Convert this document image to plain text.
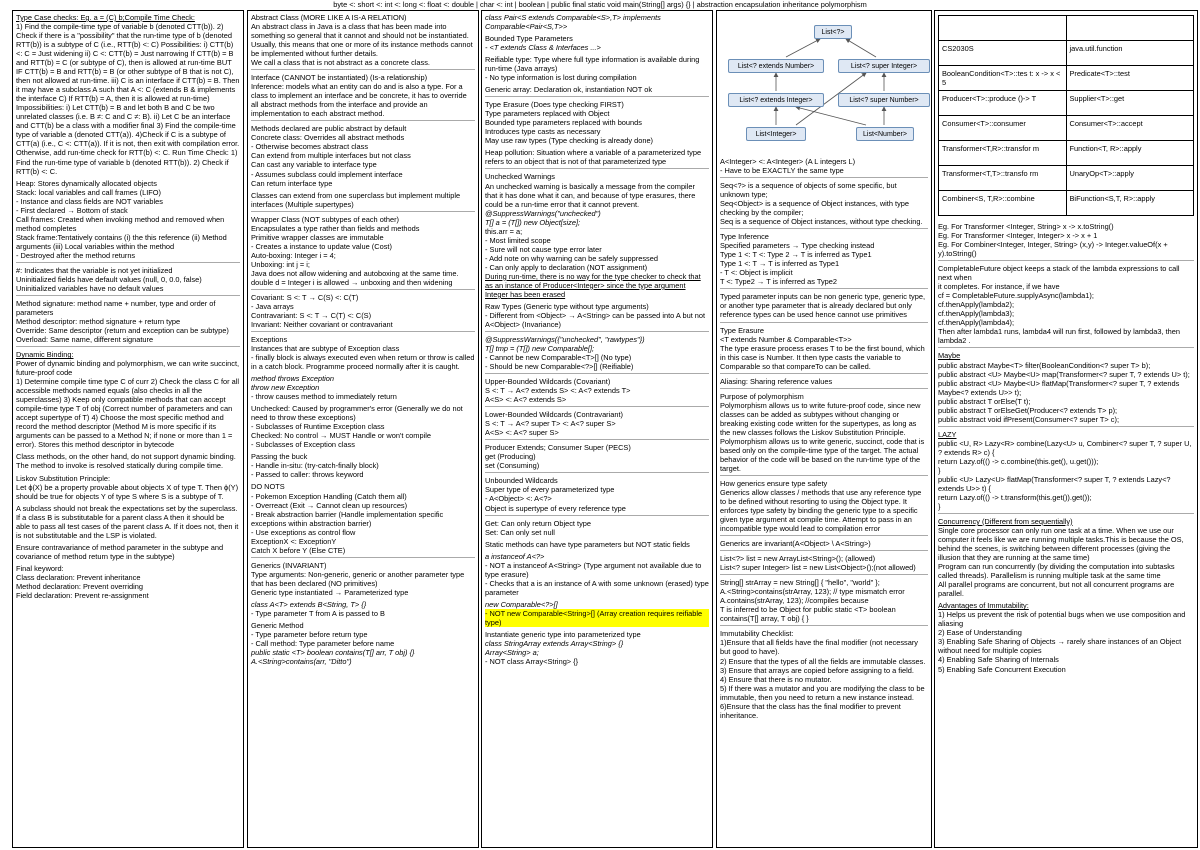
byte <: short <: int <: long <: float <: double | char <: int | boolean | public final static void main(String[] args) {} | abstraction encapsulation inheritance polymorphism
Type Case checks: Eg. a = (C) b;Compile Time Check:
1) Find the compile-time type of variable b (denoted CTT(b)). 2) Check if there is a "possibility" that the run-time type of b (denoted RTT(b)) is a subtype of C (i.e., RTT(b) <: C) Possibilities: i) CTT(b) <: C = Just widening ii) C <: CTT(b) = Just narrowing If CTT(b) = B and RTT(b) = C (or subtype of C), then is allowed at run-time BUT IF CTT(b) = B and RTT(b) = B (or other subtype of B that is not C), then not allowed at run-time. iii) C is an interface if CTT(b) = B. Then it may have a subclass A such that A <: C (extends B & implements the interface C) If RTT(b) = A, then it is allowed at run-time) Impossibilities: i) Let CTT(b) = B and let both B and C be two unrelated classes (i.e. B ≠: C and C ≠: B). ii) Let C be an interface and CTT(b) be a class with a modifier final 3) Find the compile-time type of variable a (denoted CTT(a)). 4)Check if C is a subtype of CTT(a) (i.e., C <: CTT(a)). If it is not, then exit with compilation error. Otherwise, add run-time check for RTT(b) <: C. Run Time Check: 1) Find the run-time type of variable b (denoted RTT(b)). 2) Check if RTT(b) <: C.
Heap: Stores dynamically allocated objects
Stack: local variables and call frames (LIFO)
- Instance and class fields are NOT variables
- First declared → Bottom of stack
Call frames: Created when invoking method and removed when method completes
Stack frame:Tentatively contains (i) the this reference (ii) Method arguments (iii) Local variables within the method
- Destroyed after the method returns
#: Indicates that the variable is not yet initialized
Uninitialized fields have default values (null, 0, 0.0, false)
Uninitialized variables have no default values
Method signature: method name + number, type and order of parameters
Method descriptor: method signature + return type
Override: Same descriptor (return and exception can be subtype)
Overload: Same name, different signature
Dynamic Binding:
Power of dynamic binding and polymorphism, we can write succinct, future-proof code
1) Determine compile time type C of curr 2) Check the class C for all accessible methods named equals (also checks in all the superclasses) 3) Keep only compatible methods that can accept compile-time type T of obj (Correct number of parameters and can accept supertype of T) 4) Choose the most specific method and record the method descriptor (Method M is more specific if its arguments can be passed to a Method N; if none or more than 1 = error). Stores this method descriptor in bytecode
Class methods, on the other hand, do not support dynamic binding. The method to invoke is resolved statically during compile time.
Liskov Substitution Principle:
Let ϕ(X) be a property provable about objects X of type T. Then ϕ(Y) should be true for objects Y of type S where S is a subtype of T.
A subclass should not break the expectations set by the superclass. If a class B is substitutable for a parent class A then it should be able to pass all test cases of the parent class A. If it does not, then it is not substitutable and the LSP is violated.
Ensure contravariance of method parameter in the subtype and covariance of method return type in the subtype)
Final keyword:
Class declaration: Prevent inheritance
Method declaration: Prevent overriding
Field declaration: Prevent re-assignment
Abstract Class (MORE LIKE A IS-A RELATION)
An abstract class in Java is a class that has been made into something so general that it cannot and should not be instantiated. Usually, this means that one or more of its instance methods cannot be implemented without further details.
We call a class that is not abstract as a concrete class.
Interface (CANNOT be instantiated) (Is-a relationship)
Inference: models what an entity can do and is also a type. For a class to implement an interface and be concrete, it has to override all abstract methods from the interface and provide an implementation to each abstract method.
Methods declared are public abstract by default
Concrete class: Overrides all abstract methods
- Otherwise becomes abstract class
Can extend from multiple interfaces but not class
Can cast any variable to interface type
- Assumes subclass could implement interface
Can return interface type
Classes can extend from one superclass but implement multiple interfaces (Multiple supertypes)
Wrapper Class (NOT subtypes of each other)
Encapsulates a type rather than fields and methods
Primitive wrapper classes are immutable
- Creates a instance to update value (Cost)
Auto-boxing: Integer i = 4;
Unboxing: int j = i;
Java does not allow widening and autoboxing at the same time.
double d = Integer i is allowed → unboxing and then widening
Covariant: S <: T → C(S) <: C(T)
- Java arrays
Contravariant: S <: T → C(T) <: C(S)
Invariant: Neither covariant or contravariant
Exceptions
Instances that are subtype of Exception class
- finally block is always executed even when return or throw is called in a catch block. Programme proceed normally after it is caught.
method throws Exception
throw new Exception
- throw causes method to immediately return
Unchecked: Caused by programmer's error (Generally we do not need to throw these exceptions)
- Subclasses of Runtime Exception class
Checked: No control → MUST Handle or won't compile
- Subclasses of Exception class
Passing the buck
- Handle in-situ: (try-catch-finally block)
- Passed to caller: throws keyword
DO NOTS
- Pokemon Exception Handling (Catch them all)
- Overreact (Exit → Cannot clean up resources)
- Break abstraction barrier (Handle implementation specific exceptions within abstraction barrier)
- Use exceptions as control flow
ExceptionX <: ExceptionY
Catch X before Y (Else CTE)
Generics (INVARIANT)
Type arguments: Non-generic, generic or another parameter type that has been declared (NO primitives)
Generic type instantiated → Parameterized type
class A<T> extends B<String, T> {}
- Type parameter T from A is passed to B
Generic Method
- Type parameter before return type
- Call method: Type parameter before name
public static <T> boolean contains(T[] arr, T obj) {}
A.<String>contains(arr, "Ditto")
class Pair<S extends Comparable<S>,T> implements Comparable<Pair<S,T>>
Bounded Type Parameters
- <T extends Class & Interfaces ...>
Reifiable type: Type where full type information is available during run-time (Java arrays)
- No type information is lost during compilation
Generic array: Declaration ok, instantiation NOT ok
Type Erasure (Does type checking FIRST)
Type parameters replaced with Object
Bounded type parameters replaced with bounds
Introduces type casts as necessary
May use raw types (Type checking is already done)
Heap pollution: Situation where a variable of a parameterized type refers to an object that is not of that parameterized type
Unchecked Warnings
An unchecked warning is basically a message from the compiler that it has done what it can, and because of type erasures, there could be a run-time error that it cannot prevent.
@SuppressWarnings("unchecked")
T[] a = (T[]) new Object[size];
this.arr = a;
- Most limited scope
- Sure will not cause type error later
- Add note on why warning can be safely suppressed
- Can only apply to declaration (NOT assignment)
During run-time, there is no way for the type checker to check that as an instance of Producer<Integer> since the type argument Integer has been erased
Raw Types (Generic type without type arguments)
- Different from <Object> → A<String> can be passed into A but not A<Object> (Invariance)
@SuppressWarnings({"unchecked", "rawtypes"})
T[] tmp = (T[]) new Comparable[];
- Cannot be new Comparable<T>[] (No type)
- Should be new Comparable<?>[] (Reifiable)
Upper-Bounded Wildcards (Covariant)
S <: T → A<? extends S> <: A<? extends T>
A<S> <: A<? extends S>
Lower-Bounded Wildcards (Contravariant)
S <: T → A<? super T> <: A<? super S>
A<S> <: A<? super S>
Producer Extends; Consumer Super (PECS)
get (Producing)
set (Consuming)
Unbounded Wildcards
Super type of every parameterized type
- A<Object> <: A<?>
Object is supertype of every reference type
Get: Can only return Object type
Set: Can only set null
Static methods can have type parameters but NOT static fields
a instanceof A<?>
- NOT a instanceof A<String> (Type argument not available due to type erasure)
- Checks that a is an instance of A with some unknown (erased) type parameter
new Comparable<?>[]
- NOT new Comparable<String>[] (Array creation requires reifiable type)
Instantiate generic type into parameterized type
class StringArray extends Array<String> {}
Array<String> a;
- NOT class Array<String> {}
List<?>
List<? extends Number>	List<? super Integer>
List<? extends Integer>	List<? super Number>
List<Integer>	List<Number>
A<Integer> <: A<Integer> (A L integers L)
- Have to be EXACTLY the same type
Seq<?> is a sequence of objects of some specific, but unknown type;
Seq<Object> is a sequence of Object instances, with type checking by the compiler;
Seq is a sequence of Object instances, without type checking.
Type Inference
Specified parameters → Type checking instead
Type 1 <: T <: Type 2 → T is inferred as Type1
Type 1 <: T → T is inferred as Type1
- T <: Object is implicit
T <: Type2 → T is inferred as Type2
Typed parameter inputs can be non generic type, generic type, or another type parameter that is already declared but only reference types can be used hence cannot use primitives
Type Erasure
<T extends Number & Comparable<T>>
The type erasure process erases T to be the first bound, which in this case is Number. It then type casts the variable to Comparable so that compareTo can be called.
Aliasing: Sharing reference values
Purpose of polymorphism
Polymorphism allows us to write future-proof code, since new classes can be added as subtypes without changing or breaking existing code written for the supertypes, as long as the new classes follows the Liskov Substitution Principle. Polymorphism allows us to write generic, succinct, code that is based only on the compile-time type of the target. The actual behavior of the code will be based on the run-time type of the target.
How generics ensure type safety
Generics allow classes / methods that use any reference type to be defined without resorting to using the Object type. It enforces type safety by binding the generic type to a specific given type argument at compile time. Attempt to pass in an incompatible type would lead to compilation error
Generics are invariant(A<Object> \ A<String>)
List<?> list = new ArrayList<String>(); (allowed)
List<? super Integer> list = new List<Object>();(not allowed)
String[] strArray = new String[] { "hello", "world" };
A.<String>contains(strArray, 123); // type mismatch error
A.contains(strArray, 123); //compiles because
T is inferred to be Object for public static <T> boolean contains(T[] array, T obj) { }
Immutability Checklist:
1)Ensure that all fields have the final modifier (not necessary but good to have).
2) Ensure that the types of all the fields are immutable classes.
3) Ensure that arrays are copied before assigning to a field.
4) Ensure that there is no mutator.
5) If there was a mutator and you are modifying the class to be immutable, then you need to return a new instance instead.
6)Ensure that the class has the final modifier to prevent inheritance.

CS2030S	java.util.function
BooleanCondition<T>::tes t: x -> x < 5	Predicate<T>::test
Producer<T>::produce ()-> T	Supplier<T>::get
Consumer<T>::consumer	Consumer<T>::accept
Transformer<T,R>::transfor m	Function<T, R>::apply
Transformer<T,T>::transfo rm	UnaryOp<T>::apply
Combiner<S, T,R>::combine	BiFunction<S,T, R>::apply
Eg. For Transformer <Integer, String> x -> x.toString()
Eg. For Transformer <Integer, Integer> x -> x + 1
Eg. For Combiner<Integer, Integer, String> (x,y) -> Integer.valueOf(x + y).toString()
CompletableFuture object keeps a stack of the lambda expressions to call next when
it completes. For instance, if we have
cf = CompletableFuture.supplyAsync(lambda1);
cf.thenApply(lambda2);
cf.thenApply(lambda3);
cf.thenApply(lambda4);
Then after lambda1 runs, lambda4 will run first, followed by lambda3, then lambda2 .
Maybe
public abstract Maybe<T> filter(BooleanCondition<? super T> b);
public abstract <U> Maybe<U> map(Transformer<? super T, ? extends U> t);
public abstract <U> Maybe<U> flatMap(Transformer<? super T, ? extends Maybe<? extends U>> t);
public abstract T orElse(T t);
public abstract T orElseGet(Producer<? extends T> p);
public abstract void ifPresent(Consumer<? super T> c);
LAZY
public <U, R> Lazy<R> combine(Lazy<U> u, Combiner<? super T, ? super U, ? extends R> c) {
return Lazy.of(() -> c.combine(this.get(), u.get()));
}
public <U> Lazy<U> flatMap(Transformer<? super T, ? extends Lazy<? extends U>> t) {
return Lazy.of(() -> t.transform(this.get()).get());
}
Concurrency (Different from sequentially)
Single core processor can only run one task at a time. When we use our computer it feels like we are running multiple tasks.This is because the OS, behind the scenes, is switching between different processes (giving the illusion that they are running at the same time)
Program can run concurrently (by dividing the computation into subtasks called threads). Parallelism is running multiple task at the same time
All parallel programs are concurrent, but not all concurrent programs are parallel.
Advantages of Immutability:
1) Helps us prevent the risk of potential bugs when we use composition and aliasing
2) Ease of Understanding
3) Enabling Safe Sharing of Objects → rarely share instances of an Object without need for multiple copies
4) Enabling Safe Sharing of Internals
5) Enabling Safe Concurrent Execution
